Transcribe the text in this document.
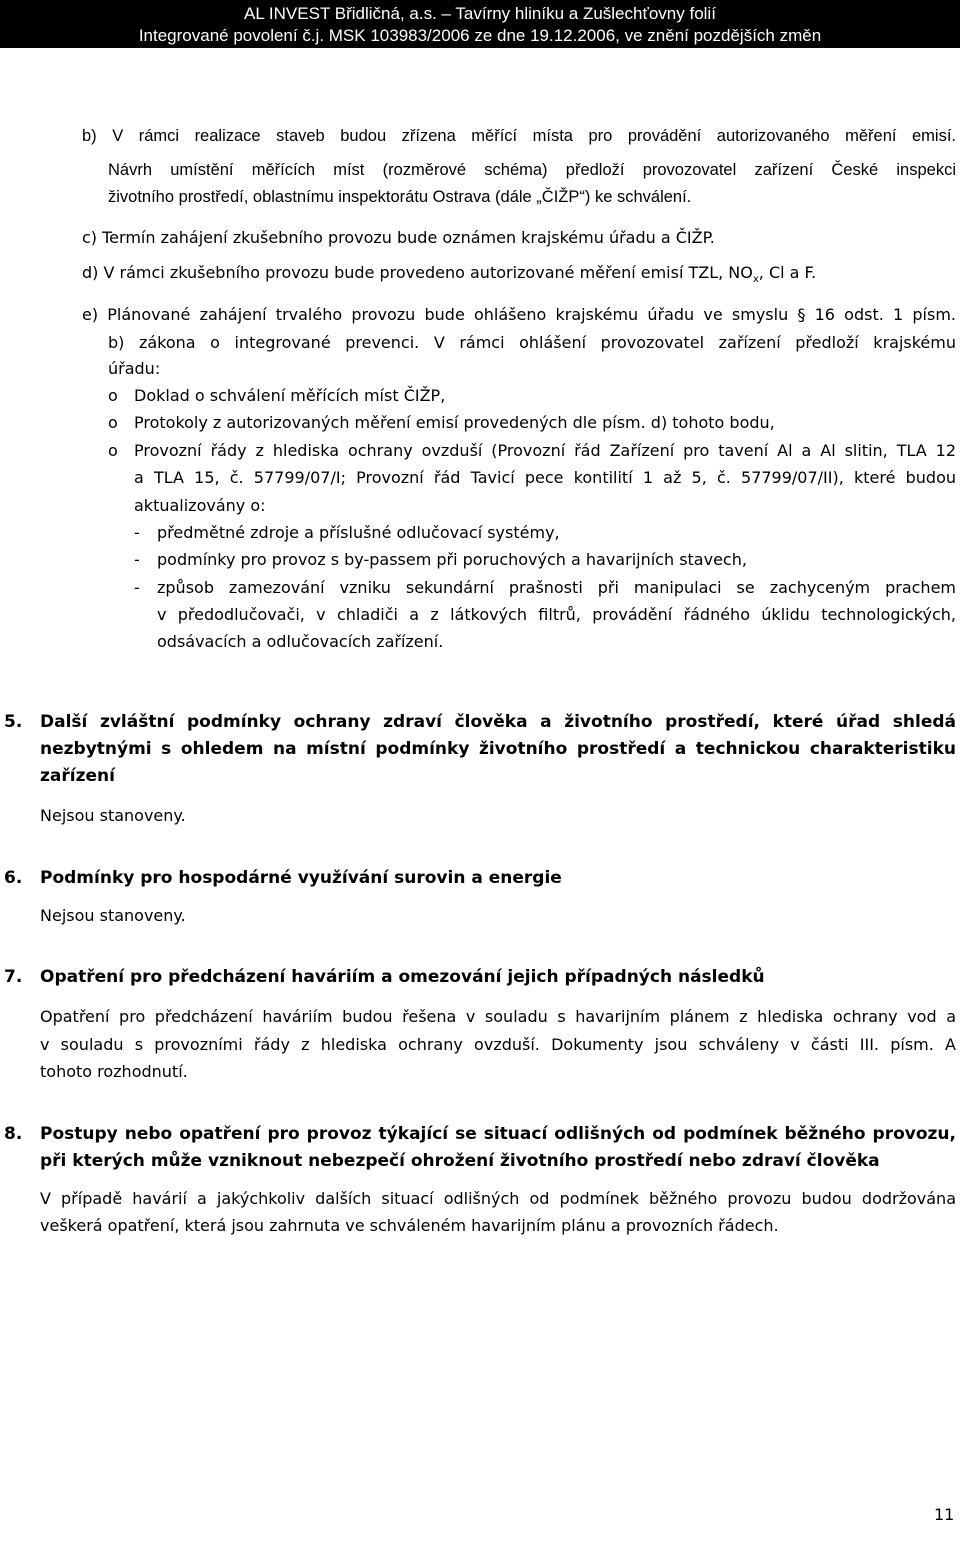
AL INVEST Břidličná, a.s. – Tavírny hliníku a Zušlechťovny folií
Integrované povolení č.j. MSK 103983/2006 ze dne 19.12.2006, ve znění pozdějších změn
b) V rámci realizace staveb budou zřízena měřící místa pro provádění autorizovaného měření emisí.
Návrh umístění měřících míst (rozměrové schéma) předloží provozovatel zařízení České inspekci
životního prostředí, oblastnímu inspektorátu Ostrava (dále „ČIŽP“) ke schválení.
c) Termín zahájení zkušebního provozu bude oznámen krajskému úřadu a ČIŽP.
d) V rámci zkušebního provozu bude provedeno autorizované měření emisí TZL, $NO_x$, Cl a F.
e) Plánované zahájení trvalého provozu bude ohlášeno krajskému úřadu ve smyslu § 16 odst. 1 písm.
b) zákona o integrované prevenci. V rámci ohlášení provozovatel zařízení předloží krajskému
úřadu:
o Doklad o schválení měřících míst ČIŽP,
o Protokoly z autorizovaných měření emisí provedených dle písm. d) tohoto bodu,
o Provozní řády z hlediska ochrany ovzduší (Provozní řád Zařízení pro tavení Al a Al slitin, TLA 12
a TLA 15, č. 57799/07/I; Provozní řád Tavicí pece kontilití 1 až 5, č. 57799/07/II), které budou
aktualizovány o:
- předmětné zdroje a příslušné odlučovací systémy,
- podmínky pro provoz s by-passem při poruchových a havarijních stavech,
- způsob zamezování vzniku sekundární prašnosti při manipulaci se zachyceným prachem
v předodlučovači, v chladiči a z látkových filtrů, provádění řádného úklidu technologických,
odsávacích a odlučovacích zařízení.
5. Další zvláštní podmínky ochrany zdraví člověka a životního prostředí, které úřad shledá
nezbytnými s ohledem na místní podmínky životního prostředí a technickou charakteristiku
zařízení
Nejsou stanoveny.
6. Podmínky pro hospodárné využívání surovin a energie
Nejsou stanoveny.
7. Opatření pro předcházení haváriím a omezování jejich případných následků
Opatření pro předcházení haváriím budou řešena v souladu s havarijním plánem z hlediska ochrany vod a
v souladu s provozními řády z hlediska ochrany ovzduší. Dokumenty jsou schváleny v části III. písm. A
tohoto rozhodnutí.
8. Postupy nebo opatření pro provoz týkající se situací odlišných od podmínek běžného provozu,
při kterých může vzniknout nebezpečí ohrožení životního prostředí nebo zdraví člověka
V případě havárií a jakýchkoliv dalších situací odlišných od podmínek běžného provozu budou dodržována
veškerá opatření, která jsou zahrnuta ve schváleném havarijním plánu a provozních řádech.
11
